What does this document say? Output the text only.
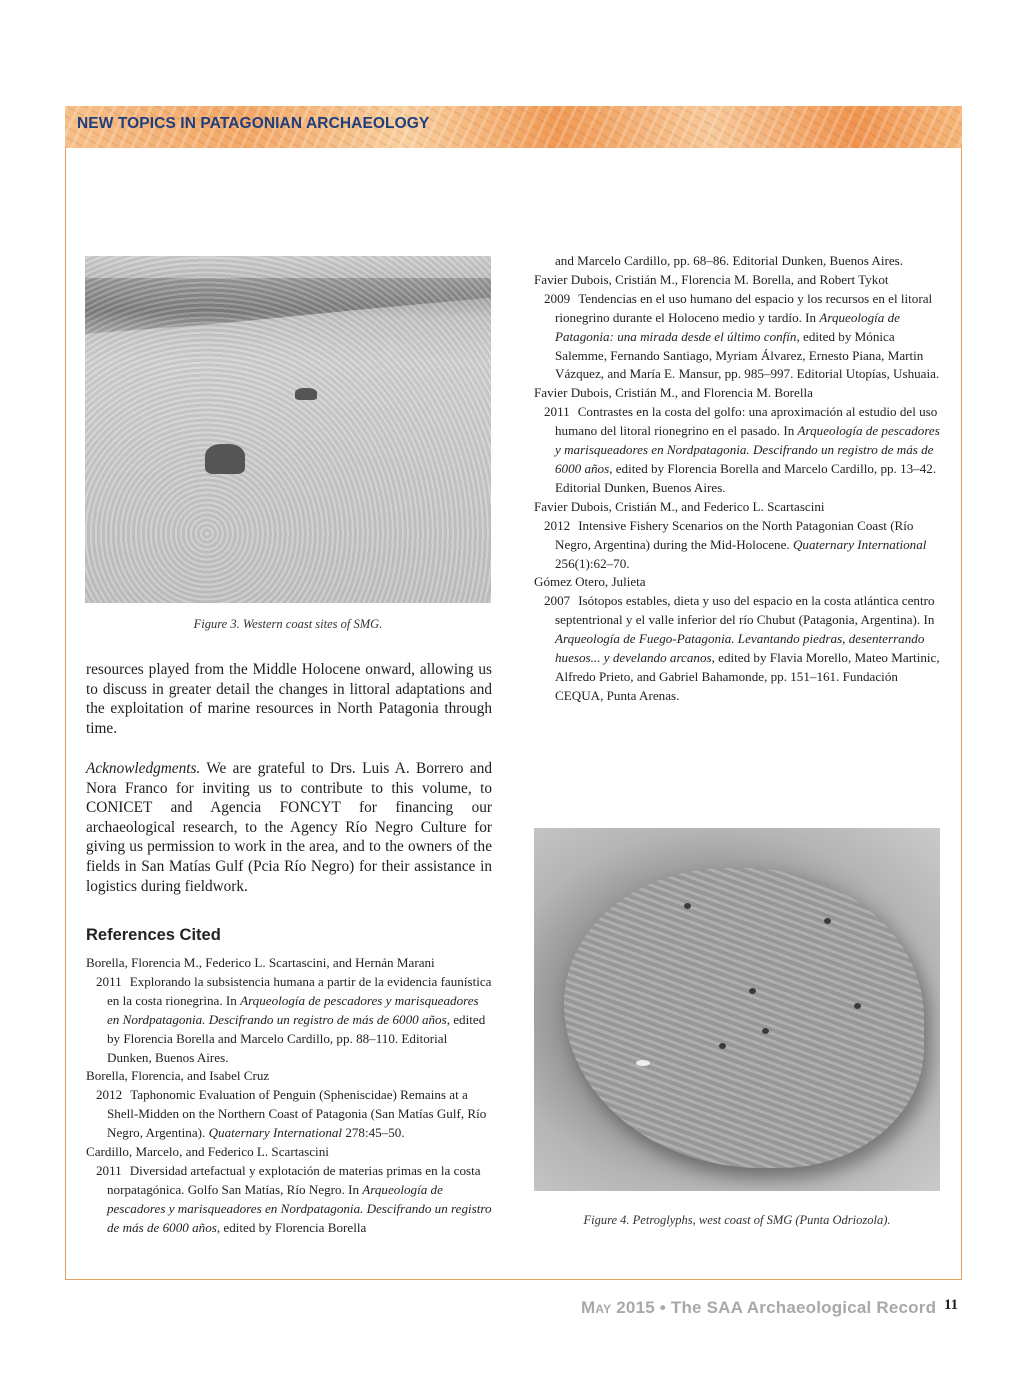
NEW TOPICS IN PATAGONIAN ARCHAEOLOGY
Figure 3. Western coast sites of SMG.
resources played from the Middle Holocene onward, allowing us to discuss in greater detail the changes in littoral adaptations and the exploitation of marine resources in North Patagonia through time.
Acknowledgments. We are grateful to Drs. Luis A. Borrero and Nora Franco for inviting us to contribute to this volume, to CONICET and Agencia FONCYT for financing our archaeological research, to the Agency Río Negro Culture for giving us permission to work in the area, and to the owners of the fields in San Matías Gulf (Pcia Río Negro) for their assistance in logistics during fieldwork.
References Cited
Borella, Florencia M., Federico L. Scartascini, and Hernán Marani
2011 Explorando la subsistencia humana a partir de la evidencia faunística en la costa rionegrina. In Arqueología de pescadores y marisqueadores en Nordpatagonia. Descifrando un registro de más de 6000 años, edited by Florencia Borella and Marcelo Cardillo, pp. 88–110. Editorial Dunken, Buenos Aires.
Borella, Florencia, and Isabel Cruz
2012 Taphonomic Evaluation of Penguin (Spheniscidae) Remains at a Shell-Midden on the Northern Coast of Patagonia (San Matías Gulf, Río Negro, Argentina). Quaternary International 278:45–50.
Cardillo, Marcelo, and Federico L. Scartascini
2011 Diversidad artefactual y explotación de materias primas en la costa norpatagónica. Golfo San Matías, Río Negro. In Arqueología de pescadores y marisqueadores en Nordpatagonia. Descifrando un registro de más de 6000 años, edited by Florencia Borella
and Marcelo Cardillo, pp. 68–86. Editorial Dunken, Buenos Aires.
Favier Dubois, Cristián M., Florencia M. Borella, and Robert Tykot
2009 Tendencias en el uso humano del espacio y los recursos en el litoral rionegrino durante el Holoceno medio y tardío. In Arqueología de Patagonia: una mirada desde el último confín, edited by Mónica Salemme, Fernando Santiago, Myriam Álvarez, Ernesto Piana, Martin Vázquez, and María E. Mansur, pp. 985–997. Editorial Utopías, Ushuaia.
Favier Dubois, Cristián M., and Florencia M. Borella
2011 Contrastes en la costa del golfo: una aproximación al estudio del uso humano del litoral rionegrino en el pasado. In Arqueología de pescadores y marisqueadores en Nordpatagonia. Descifrando un registro de más de 6000 años, edited by Florencia Borella and Marcelo Cardillo, pp. 13–42. Editorial Dunken, Buenos Aires.
Favier Dubois, Cristián M., and Federico L. Scartascini
2012 Intensive Fishery Scenarios on the North Patagonian Coast (Río Negro, Argentina) during the Mid-Holocene. Quaternary International 256(1):62–70.
Gómez Otero, Julieta
2007 Isótopos estables, dieta y uso del espacio en la costa atlántica centro septentrional y el valle inferior del río Chubut (Patagonia, Argentina). In Arqueología de Fuego-Patagonia. Levantando piedras, desenterrando huesos... y develando arcanos, edited by Flavia Morello, Mateo Martinic, Alfredo Prieto, and Gabriel Bahamonde, pp. 151–161. Fundación CEQUA, Punta Arenas.
Figure 4. Petroglyphs, west coast of SMG (Punta Odriozola).
May 2015 • The SAA Archaeological Record 11
